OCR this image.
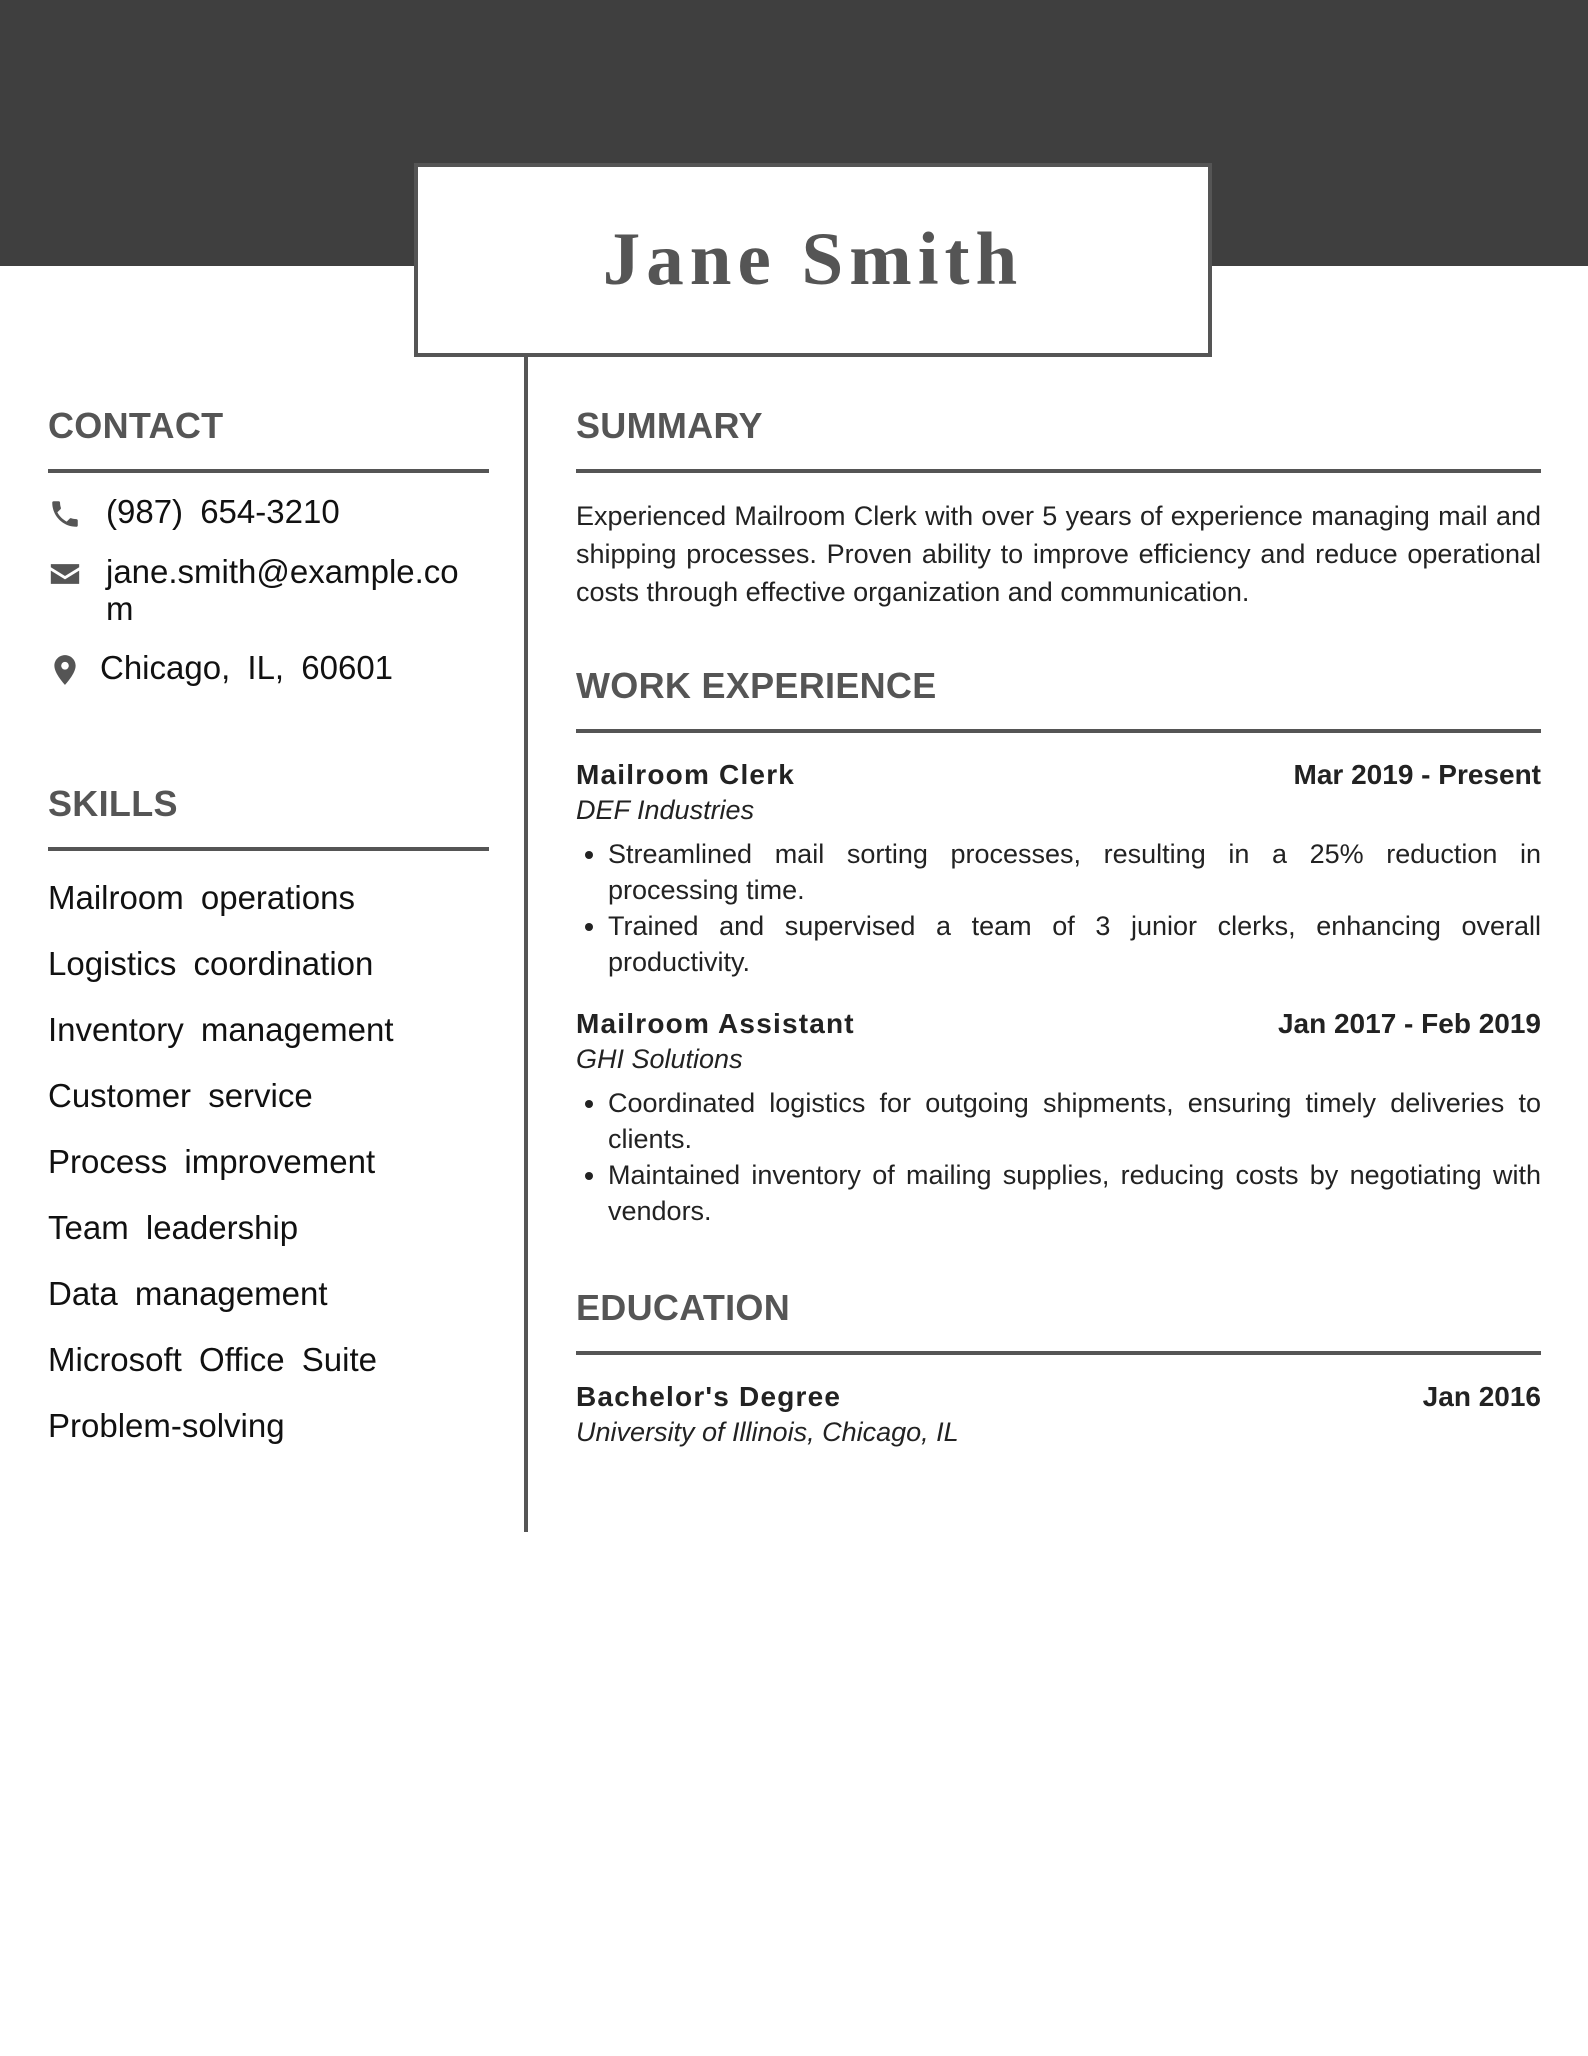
Jane Smith
CONTACT
(987) 654-3210
jane.smith@example.com
Chicago, IL, 60601
SKILLS
Mailroom operations
Logistics coordination
Inventory management
Customer service
Process improvement
Team leadership
Data management
Microsoft Office Suite
Problem-solving
SUMMARY

Experienced Mailroom Clerk with over 5 years of experience managing mail and shipping processes. Proven ability to improve efficiency and reduce operational costs through effective organization and communication.

WORK EXPERIENCE
Mailroom Clerk	Mar 2019 - Present
DEF Industries
• Streamlined mail sorting processes, resulting in a 25% reduction in processing time.
• Trained and supervised a team of 3 junior clerks, enhancing overall productivity.
Mailroom Assistant	Jan 2017 - Feb 2019
GHI Solutions
• Coordinated logistics for outgoing shipments, ensuring timely deliveries to clients.
• Maintained inventory of mailing supplies, reducing costs by negotiating with vendors.
EDUCATION
Bachelor's Degree	Jan 2016
University of Illinois, Chicago, IL
